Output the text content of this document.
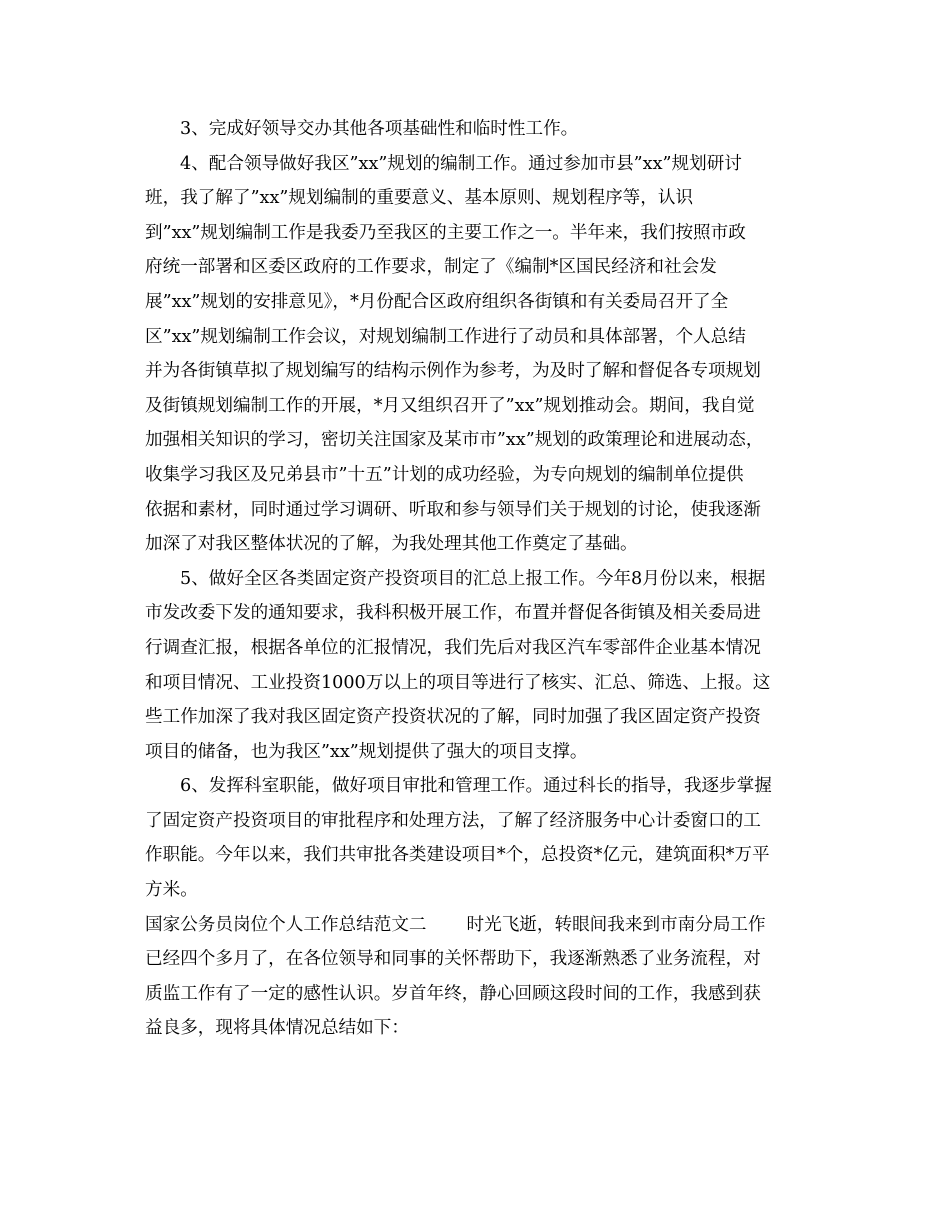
3、完成好领导交办其他各项基础性和临时性工作。
4、配合领导做好我区”xx”规划的编制工作。通过参加市县”xx”规划研讨
班，我了解了”xx”规划编制的重要意义、基本原则、规划程序等，认识
到”xx”规划编制工作是我委乃至我区的主要工作之一。半年来，我们按照市政
府统一部署和区委区政府的工作要求，制定了《编制*区国民经济和社会发
展”xx”规划的安排意见》，*月份配合区政府组织各街镇和有关委局召开了全
区”xx”规划编制工作会议，对规划编制工作进行了动员和具体部署，个人总结
并为各街镇草拟了规划编写的结构示例作为参考，为及时了解和督促各专项规划
及街镇规划编制工作的开展，*月又组织召开了”xx”规划推动会。期间，我自觉
加强相关知识的学习，密切关注国家及某市市”xx”规划的政策理论和进展动态，
收集学习我区及兄弟县市”十五”计划的成功经验，为专向规划的编制单位提供
依据和素材，同时通过学习调研、听取和参与领导们关于规划的讨论，使我逐渐
加深了对我区整体状况的了解，为我处理其他工作奠定了基础。
5、做好全区各类固定资产投资项目的汇总上报工作。今年8月份以来，根据
市发改委下发的通知要求，我科积极开展工作，布置并督促各街镇及相关委局进
行调查汇报，根据各单位的汇报情况，我们先后对我区汽车零部件企业基本情况
和项目情况、工业投资1000万以上的项目等进行了核实、汇总、筛选、上报。这
些工作加深了我对我区固定资产投资状况的了解，同时加强了我区固定资产投资
项目的储备，也为我区”xx”规划提供了强大的项目支撑。
6、发挥科室职能，做好项目审批和管理工作。通过科长的指导，我逐步掌握
了固定资产投资项目的审批程序和处理方法，了解了经济服务中心计委窗口的工
作职能。今年以来，我们共审批各类建设项目*个，总投资*亿元，建筑面积*万平
方米。
国家公务员岗位个人工作总结范文二 时光飞逝，转眼间我来到市南分局工作
已经四个多月了，在各位领导和同事的关怀帮助下，我逐渐熟悉了业务流程，对
质监工作有了一定的感性认识。岁首年终，静心回顾这段时间的工作，我感到获
益良多，现将具体情况总结如下：
